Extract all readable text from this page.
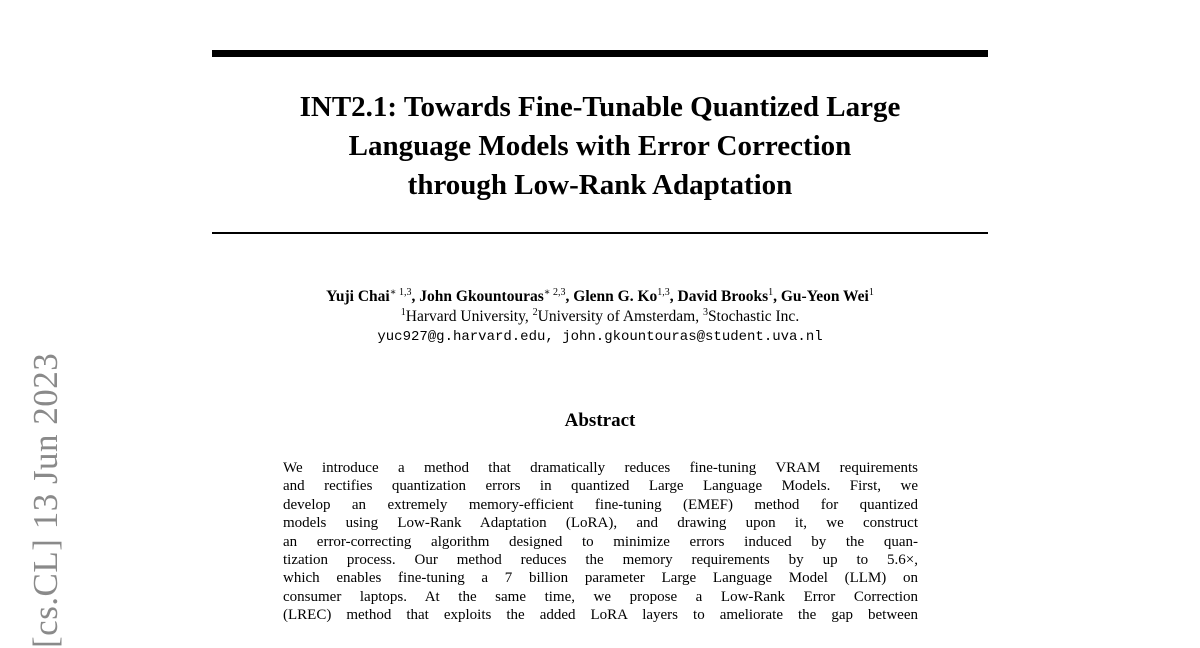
[cs.CL] 13 Jun 2023
INT2.1: Towards Fine-Tunable Quantized Large
Language Models with Error Correction
through Low-Rank Adaptation
Yuji Chai$^{∗ 1,3}$, John Gkountouras$^{∗ 2,3}$, Glenn G. Ko$^{1,3}$, David Brooks$^1$, Gu-Yeon Wei$^1$
$^1$Harvard University, $^2$University of Amsterdam, $^3$Stochastic Inc.
yuc927@g.harvard.edu, john.gkountouras@student.uva.nl
Abstract
We introduce a method that dramatically reduces fine-tuning VRAM requirements
and rectifies quantization errors in quantized Large Language Models. First, we
develop an extremely memory-efficient fine-tuning (EMEF) method for quantized
models using Low-Rank Adaptation (LoRA), and drawing upon it, we construct
an error-correcting algorithm designed to minimize errors induced by the quan-
tization process. Our method reduces the memory requirements by up to 5.6×,
which enables fine-tuning a 7 billion parameter Large Language Model (LLM) on
consumer laptops. At the same time, we propose a Low-Rank Error Correction
(LREC) method that exploits the added LoRA layers to ameliorate the gap between
